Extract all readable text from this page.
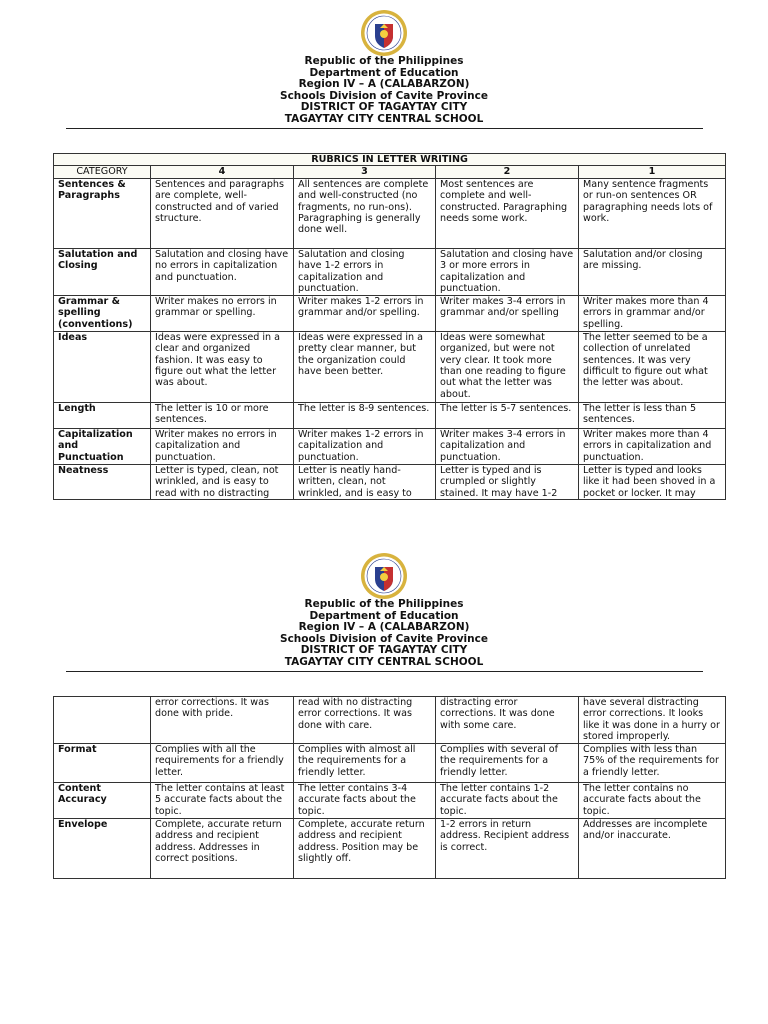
Republic of the Philippines
Department of Education
Region IV – A (CALABARZON)
Schools Division of Cavite Province
DISTRICT OF TAGAYTAY CITY
TAGAYTAY CITY CENTRAL SCHOOL
RUBRICS IN LETTER WRITING				
CATEGORY	4	3	2	1
Sentences & Paragraphs	Sentences and paragraphs are complete, well-constructed and of varied structure.	All sentences are complete and well-constructed (no fragments, no run-ons). Paragraphing is generally done well.	Most sentences are complete and well-constructed. Paragraphing needs some work.	Many sentence fragments or run-on sentences OR paragraphing needs lots of work.
Salutation and Closing	Salutation and closing have no errors in capitalization and punctuation.	Salutation and closing have 1-2 errors in capitalization and punctuation.	Salutation and closing have 3 or more errors in capitalization and punctuation.	Salutation and/or closing are missing.
Grammar & spelling (conventions)	Writer makes no errors in grammar or spelling.	Writer makes 1-2 errors in grammar and/or spelling.	Writer makes 3-4 errors in grammar and/or spelling	Writer makes more than 4 errors in grammar and/or spelling.
Ideas	Ideas were expressed in a clear and organized fashion. It was easy to figure out what the letter was about.	Ideas were expressed in a pretty clear manner, but the organization could have been better.	Ideas were somewhat organized, but were not very clear. It took more than one reading to figure out what the letter was about.	The letter seemed to be a collection of unrelated sentences. It was very difficult to figure out what the letter was about.
Length	The letter is 10 or more sentences.	The letter is 8-9 sentences.	The letter is 5-7 sentences.	The letter is less than 5 sentences.
Capitalization and Punctuation	Writer makes no errors in capitalization and punctuation.	Writer makes 1-2 errors in capitalization and punctuation.	Writer makes 3-4 errors in capitalization and punctuation.	Writer makes more than 4 errors in capitalization and punctuation.

Neatness	Letter is typed, clean, not wrinkled, and is easy to read with no distracting	Letter is neatly hand-written, clean, not wrinkled, and is easy to	Letter is typed and is crumpled or slightly stained. It may have 1-2	Letter is typed and looks like it had been shoved in a pocket or locker. It may
Republic of the Philippines
Department of Education
Region IV – A (CALABARZON)
Schools Division of Cavite Province
DISTRICT OF TAGAYTAY CITY
TAGAYTAY CITY CENTRAL SCHOOL
	error corrections. It was done with pride.	read with no distracting error corrections. It was done with care.	distracting error corrections. It was done with some care.	have several distracting error corrections. It looks like it was done in a hurry or stored improperly.
Format	Complies with all the requirements for a friendly letter.	Complies with almost all the requirements for a friendly letter.	Complies with several of the requirements for a friendly letter.	Complies with less than 75% of the requirements for a friendly letter.
Content Accuracy	The letter contains at least 5 accurate facts about the topic.	The letter contains 3-4 accurate facts about the topic.	The letter contains 1-2 accurate facts about the topic.	The letter contains no accurate facts about the topic.
Envelope	Complete, accurate return address and recipient address. Addresses in correct positions.	Complete, accurate return address and recipient address. Position may be slightly off.	1-2 errors in return address. Recipient address is correct.	Addresses are incomplete and/or inaccurate.
